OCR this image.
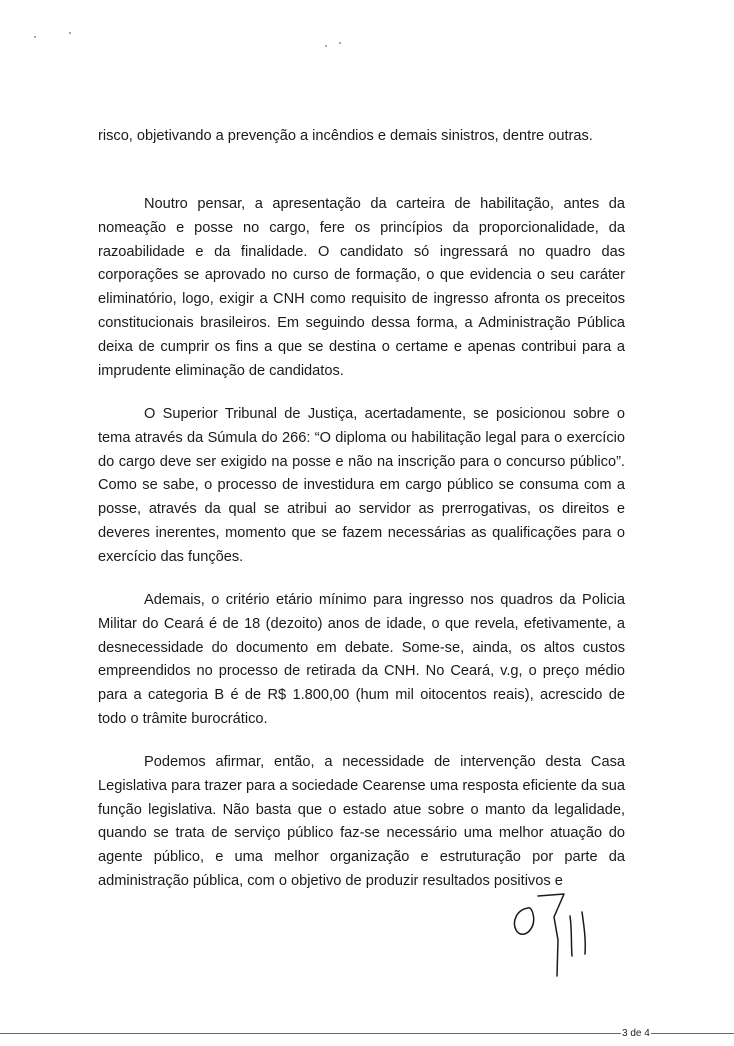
risco, objetivando a prevenção a incêndios e demais sinistros, dentre outras.

Noutro pensar, a apresentação da carteira de habilitação, antes da nomeação e posse no cargo, fere os princípios da proporcionalidade, da razoabilidade e da finalidade. O candidato só ingressará no quadro das corporações se aprovado no curso de formação, o que evidencia o seu caráter eliminatório, logo, exigir a CNH como requisito de ingresso afronta os preceitos constitucionais brasileiros. Em seguindo dessa forma, a Administração Pública deixa de cumprir os fins a que se destina o certame e apenas contribui para a imprudente eliminação de candidatos.

O Superior Tribunal de Justiça, acertadamente, se posicionou sobre o tema através da Súmula do 266: “O diploma ou habilitação legal para o exercício do cargo deve ser exigido na posse e não na inscrição para o concurso público”. Como se sabe, o processo de investidura em cargo público se consuma com a posse, através da qual se atribui ao servidor as prerrogativas, os direitos e deveres inerentes, momento que se fazem necessárias as qualificações para o exercício das funções.

Ademais, o critério etário mínimo para ingresso nos quadros da Policia Militar do Ceará é de 18 (dezoito) anos de idade, o que revela, efetivamente, a desnecessidade do documento em debate. Some-se, ainda, os altos custos empreendidos no processo de retirada da CNH. No Ceará, v.g, o preço médio para a categoria B é de R$ 1.800,00 (hum mil oitocentos reais), acrescido de todo o trâmite burocrático.

Podemos afirmar, então, a necessidade de intervenção desta Casa Legislativa para trazer para a sociedade Cearense uma resposta eficiente da sua função legislativa. Não basta que o estado atue sobre o manto da legalidade, quando se trata de serviço público faz-se necessário uma melhor atuação do agente público, e uma melhor organização e estruturação por parte da administração pública, com o objetivo de produzir resultados positivos e

3 de 4
